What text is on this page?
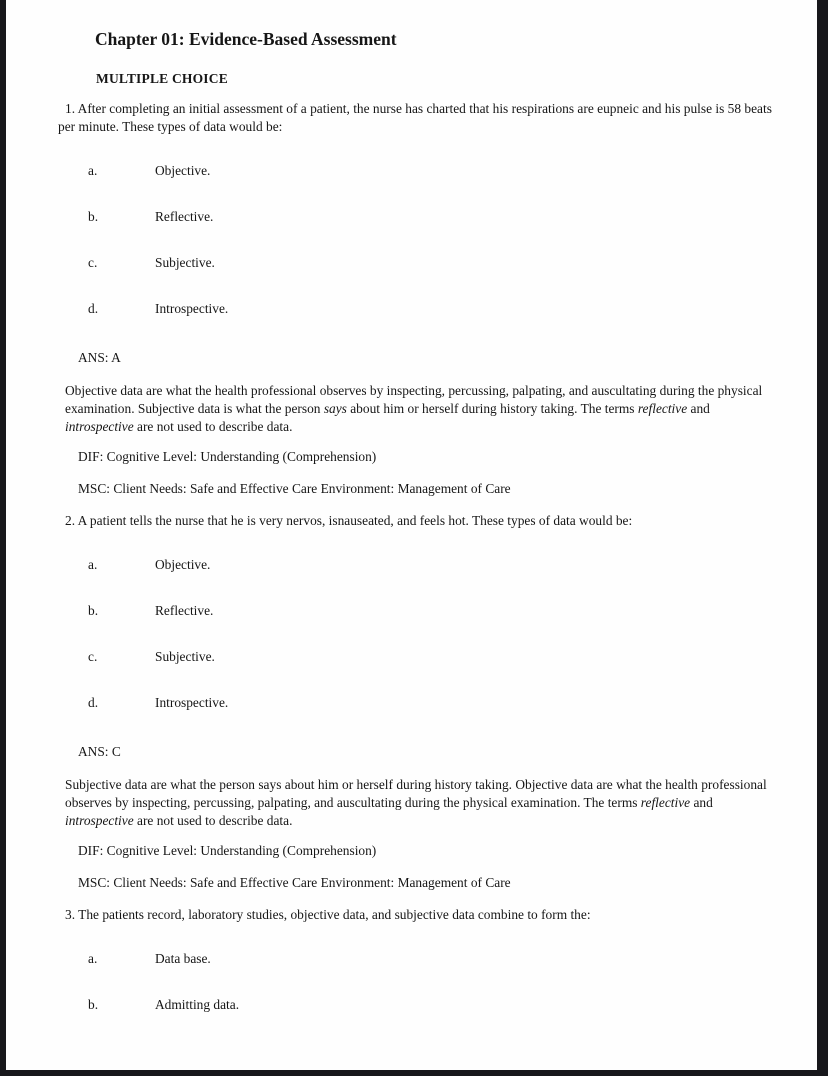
Chapter 01: Evidence-Based Assessment
MULTIPLE CHOICE

1. After completing an initial assessment of a patient, the nurse has charted that his respirations are eupneic and his pulse is 58 beats per minute. These types of data would be:

a.	Objective.
b.	Reflective.
c.	Subjective.
d.	Introspective.

ANS: A

Objective data are what the health professional observes by inspecting, percussing, palpating, and auscultating during the physical examination. Subjective data is what the person says about him or herself during history taking. The terms reflective and introspective are not used to describe data.

DIF: Cognitive Level: Understanding (Comprehension)

MSC: Client Needs: Safe and Effective Care Environment: Management of Care

2. A patient tells the nurse that he is very nervos, isnauseated, and feels hot. These types of data would be:

a.	Objective.
b.	Reflective.
c.	Subjective.
d.	Introspective.

ANS: C

Subjective data are what the person says about him or herself during history taking. Objective data are what the health professional observes by inspecting, percussing, palpating, and auscultating during the physical examination. The terms reflective and introspective are not used to describe data.

DIF: Cognitive Level: Understanding (Comprehension)

MSC: Client Needs: Safe and Effective Care Environment: Management of Care

3. The patients record, laboratory studies, objective data, and subjective data combine to form the:

a.	Data base.
b.	Admitting data.
